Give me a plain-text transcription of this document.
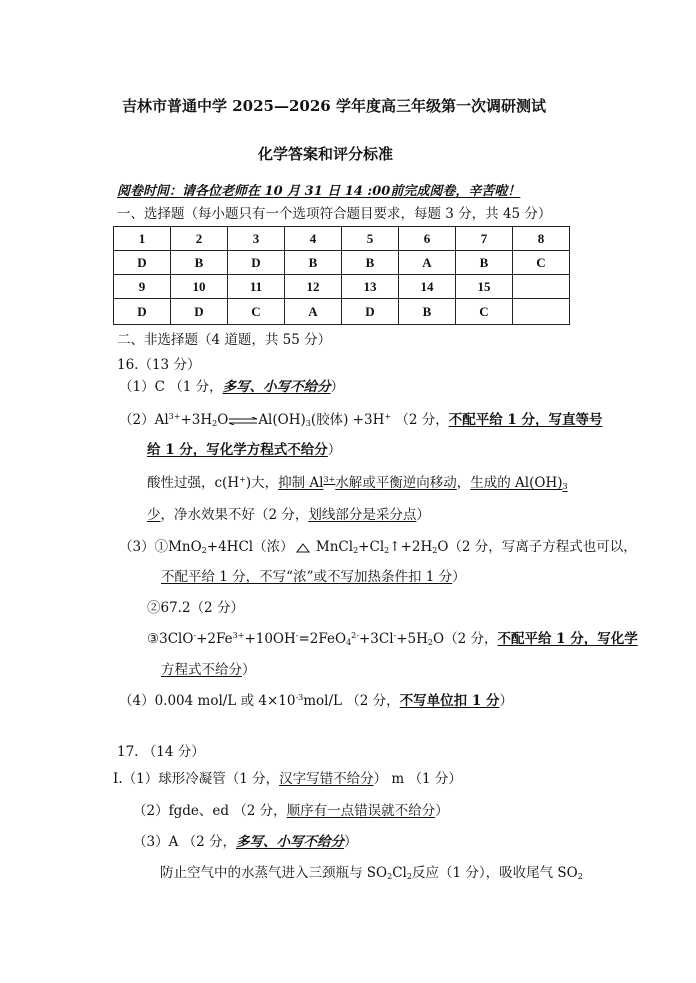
吉林市普通中学 2025—2026 学年度高三年级第一次调研测试
化学答案和评分标准
阅卷时间：请各位老师在 10 月 31 日 14 :00前完成阅卷，辛苦啦！
一、选择题（每小题只有一个选项符合题目要求，每题 3 分，共 45 分）
1	2	3	4	5	6	7	8
D	B	D	B	B	A	B	C
9	10	11	12	13	14	15	
D	D	C	A	D	B	C	
二、非选择题（4 道题，共 55 分）
16.（13 分）
（1）C （1 分，多写、小写不给分）
$(2)Al^{3+}+3H_2O\rightleftharpoons Al(OH)_3$(胶体) +3H+ （2 分，不配平给 1 分，写直等号
给 1 分，写化学方程式不给分）
酸性过强，c(H+)大，抑制 $Al^{3+}$水解或平衡逆向移动，生成的 $Al(OH)_3$
少，净水效果不好（2 分，划线部分是采分点）
（3）①MnO$_2$+4HCl（浓） $MnCl_2+Cl_2↑+2H_2O(2$ 分，写离子方程式也可以，
不配平给 1 分，不写“浓”或不写加热条件扣 1 分）
②67.2（2 分）
$③3ClO^-+2Fe^{3+}+10OH^-=2FeO_4^{2-}+3Cl^-+5H_2O(2$ 分，不配平给 1 分，写化学
方程式不给分）
（4）0.004 mol/L 或 $4\times 10^{-3}mol/L$ （2 分，不写单位扣 1 分）
17. （14 分）
Ⅰ.（1）球形冷凝管（1 分，汉字写错不给分） m （1 分）
（2）fgde、ed （2 分，顺序有一点错误就不给分）
（3）A （2 分，多写、小写不给分）
防止空气中的水蒸气进入三颈瓶与 $SO_2Cl_2$反应（1 分），吸收尾气 $SO_2$
